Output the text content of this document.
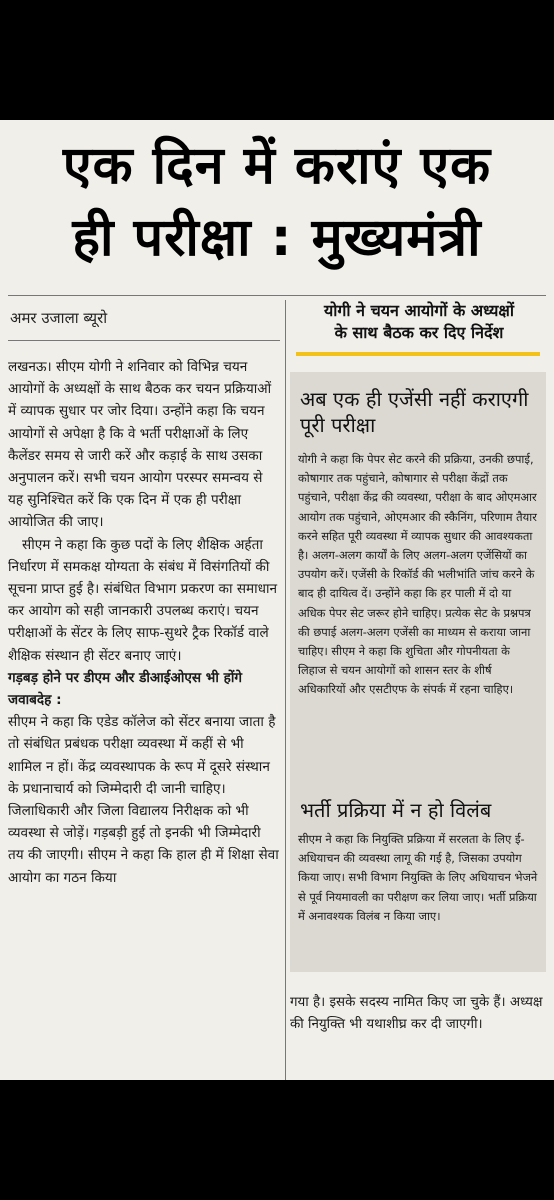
एक दिन में कराएं एक
ही परीक्षा : मुख्यमंत्री
अमर उजाला ब्यूरो	योगी ने चयन आयोगों के अध्यक्षों
के साथ बैठक कर दिए निर्देश

लखनऊ। सीएम योगी ने शनिवार को विभिन्न चयन आयोगों के अध्यक्षों के साथ बैठक कर चयन प्रक्रियाओं में व्यापक सुधार पर जोर दिया। उन्होंने कहा कि चयन आयोगों से अपेक्षा है कि वे भर्ती परीक्षाओं के लिए कैलेंडर समय से जारी करें और कड़ाई के साथ उसका अनुपालन करें। सभी चयन आयोग परस्पर समन्वय से यह सुनिश्चित करें कि एक दिन में एक ही परीक्षा आयोजित की जाए।

सीएम ने कहा कि कुछ पदों के लिए शैक्षिक अर्हता निर्धारण में समकक्ष योग्यता के संबंध में विसंगतियों की सूचना प्राप्त हुई है। संबंधित विभाग प्रकरण का समाधान कर आयोग को सही जानकारी उपलब्ध कराएं। चयन परीक्षाओं के सेंटर के लिए साफ-सुथरे ट्रैक रिकॉर्ड वाले शैक्षिक संस्थान ही सेंटर बनाए जाएं।

गड़बड़ होने पर डीएम और डीआईओएस भी होंगे जवाबदेह :

सीएम ने कहा कि एडेड कॉलेज को सेंटर बनाया जाता है तो संबंधित प्रबंधक परीक्षा व्यवस्था में कहीं से भी शामिल न हों। केंद्र व्यवस्थापक के रूप में दूसरे संस्थान के प्रधानाचार्य को जिम्मेदारी दी जानी चाहिए। जिलाधिकारी और जिला विद्यालय निरीक्षक को भी व्यवस्था से जोड़ें। गड़बड़ी हुई तो इनकी भी जिम्मेदारी तय की जाएगी। सीएम ने कहा कि हाल ही में शिक्षा सेवा आयोग का गठन किया

अब एक ही एजेंसी नहीं कराएगी पूरी परीक्षा
योगी ने कहा कि पेपर सेट करने की प्रक्रिया, उनकी छपाई, कोषागार तक पहुंचाने, कोषागार से परीक्षा केंद्रों तक पहुंचाने, परीक्षा केंद्र की व्यवस्था, परीक्षा के बाद ओएमआर आयोग तक पहुंचाने, ओएमआर की स्कैनिंग, परिणाम तैयार करने सहित पूरी व्यवस्था में व्यापक सुधार की आवश्यकता है। अलग-अलग कार्यों के लिए अलग-अलग एजेंसियों का उपयोग करें। एजेंसी के रिकॉर्ड की भलीभांति जांच करने के बाद ही दायित्व दें। उन्होंने कहा कि हर पाली में दो या अधिक पेपर सेट जरूर होने चाहिए। प्रत्येक सेट के प्रश्नपत्र की छपाई अलग-अलग एजेंसी का माध्यम से कराया जाना चाहिए। सीएम ने कहा कि शुचिता और गोपनीयता के लिहाज से चयन आयोगों को शासन स्तर के शीर्ष अधिकारियों और एसटीएफ के संपर्क में रहना चाहिए।
भर्ती प्रक्रिया में न हो विलंब
सीएम ने कहा कि नियुक्ति प्रक्रिया में सरलता के लिए ई-अधियाचन की व्यवस्था लागू की गई है, जिसका उपयोग किया जाए। सभी विभाग नियुक्ति के लिए अधियाचन भेजने से पूर्व नियमावली का परीक्षण कर लिया जाए। भर्ती प्रक्रिया में अनावश्यक विलंब न किया जाए।
गया है। इसके सदस्य नामित किए जा चुके हैं। अध्यक्ष की नियुक्ति भी यथाशीघ्र कर दी जाएगी।
